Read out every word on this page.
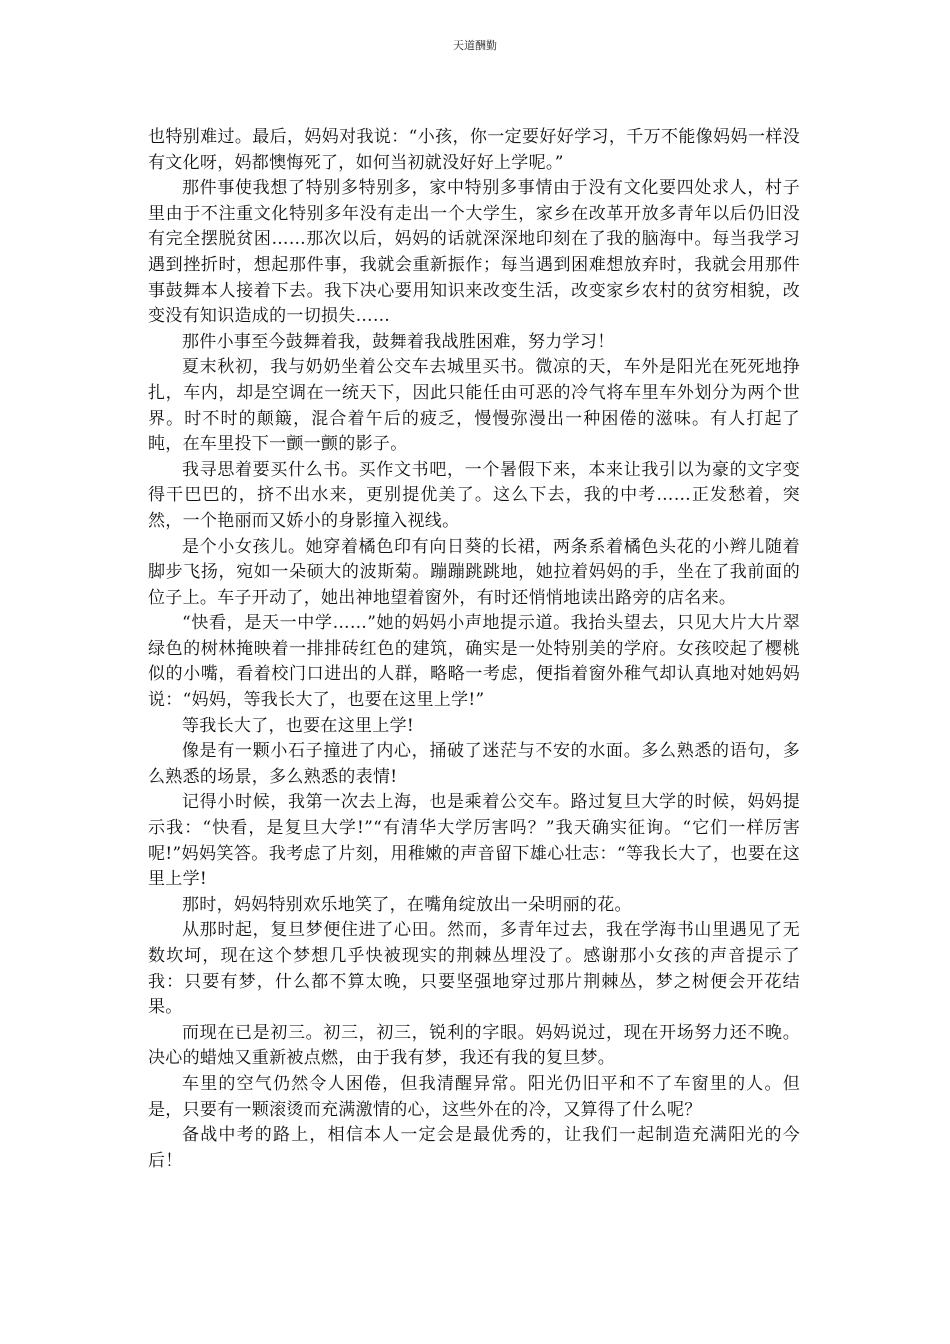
天道酬勤

也特别难过。最后，妈妈对我说：“小孩，你一定要好好学习，千万不能像妈妈一样没有文化呀，妈都懊悔死了，如何当初就没好好上学呢。”

那件事使我想了特别多特别多，家中特别多事情由于没有文化要四处求人，村子里由于不注重文化特别多年没有走出一个大学生，家乡在改革开放多青年以后仍旧没有完全摆脱贫困……那次以后，妈妈的话就深深地印刻在了我的脑海中。每当我学习遇到挫折时，想起那件事，我就会重新振作；每当遇到困难想放弃时，我就会用那件事鼓舞本人接着下去。我下决心要用知识来改变生活，改变家乡农村的贫穷相貌，改变没有知识造成的一切损失……

那件小事至今鼓舞着我，鼓舞着我战胜困难，努力学习！

夏末秋初，我与奶奶坐着公交车去城里买书。微凉的天，车外是阳光在死死地挣扎，车内，却是空调在一统天下，因此只能任由可恶的冷气将车里车外划分为两个世界。时不时的颠簸，混合着午后的疲乏，慢慢弥漫出一种困倦的滋味。有人打起了盹，在车里投下一颤一颤的影子。

我寻思着要买什么书。买作文书吧，一个暑假下来，本来让我引以为豪的文字变得干巴巴的，挤不出水来，更别提优美了。这么下去，我的中考……正发愁着，突然，一个艳丽而又娇小的身影撞入视线。

是个小女孩儿。她穿着橘色印有向日葵的长裙，两条系着橘色头花的小辫儿随着脚步飞扬，宛如一朵硕大的波斯菊。蹦蹦跳跳地，她拉着妈妈的手，坐在了我前面的位子上。车子开动了，她出神地望着窗外，有时还悄悄地读出路旁的店名来。

“快看，是天一中学……”她的妈妈小声地提示道。我抬头望去，只见大片大片翠绿色的树林掩映着一排排砖红色的建筑，确实是一处特别美的学府。女孩咬起了樱桃似的小嘴，看着校门口进出的人群，略略一考虑，便指着窗外稚气却认真地对她妈妈说：“妈妈，等我长大了，也要在这里上学!”

等我长大了，也要在这里上学!

像是有一颗小石子撞进了内心，捅破了迷茫与不安的水面。多么熟悉的语句，多么熟悉的场景，多么熟悉的表情!

记得小时候，我第一次去上海，也是乘着公交车。路过复旦大学的时候，妈妈提示我：“快看，是复旦大学!”“有清华大学厉害吗？”我天确实征询。“它们一样厉害呢!”妈妈笑答。我考虑了片刻，用稚嫩的声音留下雄心壮志：“等我长大了，也要在这里上学!

那时，妈妈特别欢乐地笑了，在嘴角绽放出一朵明丽的花。

从那时起，复旦梦便住进了心田。然而，多青年过去，我在学海书山里遇见了无数坎坷，现在这个梦想几乎快被现实的荆棘丛埋没了。感谢那小女孩的声音提示了我：只要有梦，什么都不算太晚，只要坚强地穿过那片荆棘丛，梦之树便会开花结果。

而现在已是初三。初三，初三，锐利的字眼。妈妈说过，现在开场努力还不晚。决心的蜡烛又重新被点燃，由于我有梦，我还有我的复旦梦。

车里的空气仍然令人困倦，但我清醒异常。阳光仍旧平和不了车窗里的人。但是，只要有一颗滚烫而充满激情的心，这些外在的冷，又算得了什么呢？

备战中考的路上，相信本人一定会是最优秀的，让我们一起制造充满阳光的今后！
